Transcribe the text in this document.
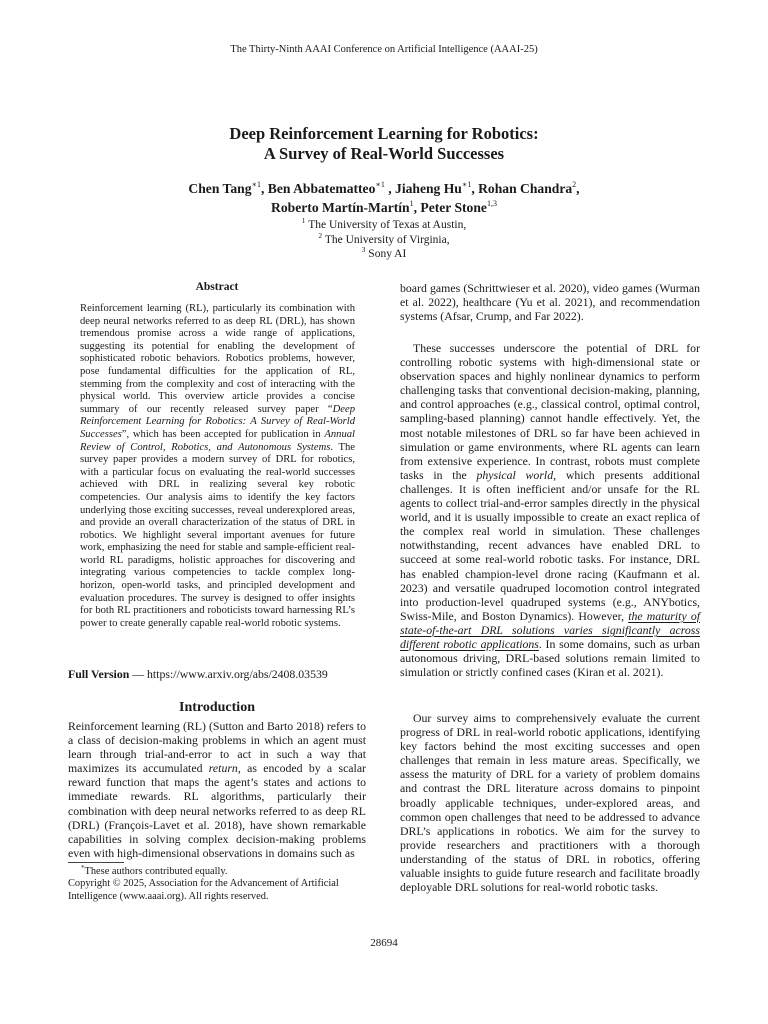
The Thirty-Ninth AAAI Conference on Artificial Intelligence (AAAI-25)

Deep Reinforcement Learning for Robotics:
A Survey of Real-World Successes
Chen Tang$^{∗1}$, Ben Abbatematteo$^{∗1}$ , Jiaheng $Hu^{∗1}$, Rohan Chandra$^2$,
Roberto Martín-Martín$^1$, Peter Stone$^{1,3}$
$^1$ The University of Texas at Austin,
$^2$ The University of Virginia,
$^3$ Sony AI

Abstract

Reinforcement learning (RL), particularly its combination with deep neural networks referred to as deep RL (DRL), has shown tremendous promise across a wide range of applications, suggesting its potential for enabling the development of sophisticated robotic behaviors. Robotics problems, however, pose fundamental difficulties for the application of RL, stemming from the complexity and cost of interacting with the physical world. This overview article provides a concise summary of our recently released survey paper “Deep Reinforcement Learning for Robotics: A Survey of Real-World Successes”, which has been accepted for publication in Annual Review of Control, Robotics, and Autonomous Systems. The survey paper provides a modern survey of DRL for robotics, with a particular focus on evaluating the real-world successes achieved with DRL in realizing several key robotic competencies. Our analysis aims to identify the key factors underlying those exciting successes, reveal underexplored areas, and provide an overall characterization of the status of DRL in robotics. We highlight several important avenues for future work, emphasizing the need for stable and sample-efficient real-world RL paradigms, holistic approaches for discovering and integrating various competencies to tackle complex long-horizon, open-world tasks, and principled development and evaluation procedures. The survey is designed to offer insights for both RL practitioners and roboticists toward harnessing RL’s power to create generally capable real-world robotic systems.

Full Version — https://www.arxiv.org/abs/2408.03539

Introduction

Reinforcement learning (RL) (Sutton and Barto 2018) refers to a class of decision-making problems in which an agent must learn through trial-and-error to act in such a way that maximizes its accumulated return, as encoded by a scalar reward function that maps the agent’s states and actions to immediate rewards. RL algorithms, particularly their combination with deep neural networks referred to as deep RL (DRL) (François-Lavet et al. 2018), have shown remarkable capabilities in solving complex decision-making problems even with high-dimensional observations in domains such as

*These authors contributed equally.
Copyright © 2025, Association for the Advancement of Artificial Intelligence (www.aaai.org). All rights reserved.

board games (Schrittwieser et al. 2020), video games (Wurman et al. 2022), healthcare (Yu et al. 2021), and recommendation systems (Afsar, Crump, and Far 2022).

These successes underscore the potential of DRL for controlling robotic systems with high-dimensional state or observation spaces and highly nonlinear dynamics to perform challenging tasks that conventional decision-making, planning, and control approaches (e.g., classical control, optimal control, sampling-based planning) cannot handle effectively. Yet, the most notable milestones of DRL so far have been achieved in simulation or game environments, where RL agents can learn from extensive experience. In contrast, robots must complete tasks in the physical world, which presents additional challenges. It is often inefficient and/or unsafe for the RL agents to collect trial-and-error samples directly in the physical world, and it is usually impossible to create an exact replica of the complex real world in simulation. These challenges notwithstanding, recent advances have enabled DRL to succeed at some real-world robotic tasks. For instance, DRL has enabled champion-level drone racing (Kaufmann et al. 2023) and versatile quadruped locomotion control integrated into production-level quadruped systems (e.g., ANYbotics, Swiss-Mile, and Boston Dynamics). However, the maturity of state-of-the-art DRL solutions varies significantly across different robotic applications. In some domains, such as urban autonomous driving, DRL-based solutions remain limited to simulation or strictly confined cases (Kiran et al. 2021).

Our survey aims to comprehensively evaluate the current progress of DRL in real-world robotic applications, identifying key factors behind the most exciting successes and open challenges that remain in less mature areas. Specifically, we assess the maturity of DRL for a variety of problem domains and contrast the DRL literature across domains to pinpoint broadly applicable techniques, under-explored areas, and common open challenges that need to be addressed to advance DRL’s applications in robotics. We aim for the survey to provide researchers and practitioners with a thorough understanding of the status of DRL in robotics, offering valuable insights to guide future research and facilitate broadly deployable DRL solutions for real-world robotic tasks.

28694
